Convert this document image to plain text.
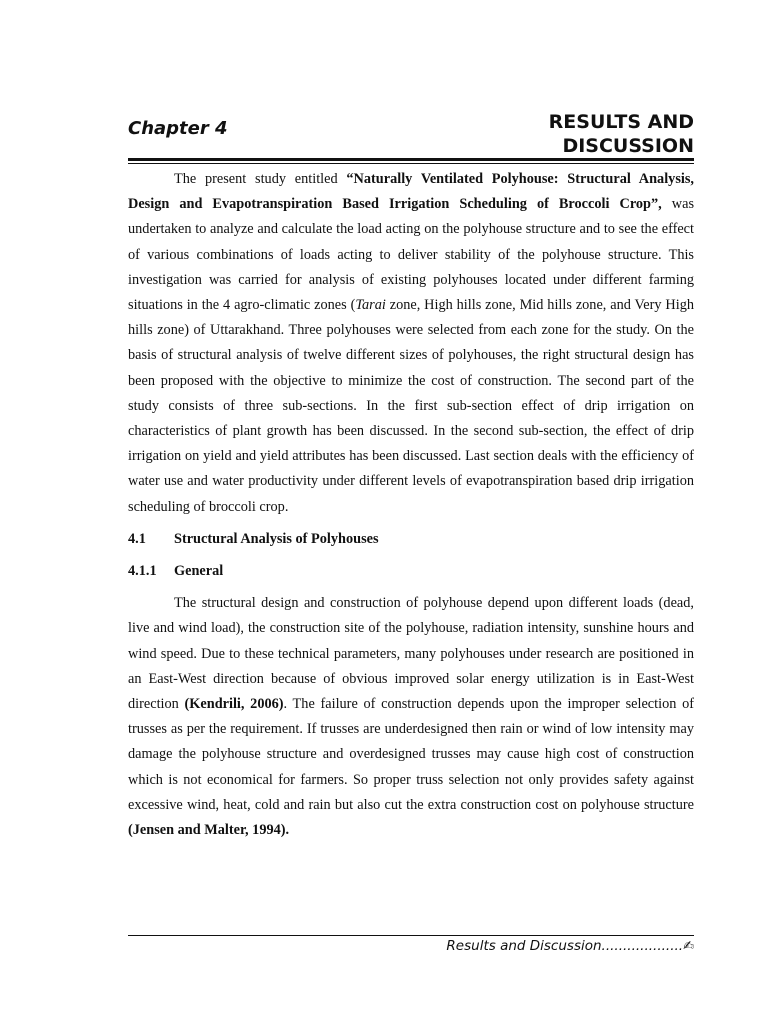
Chapter 4	RESULTS AND
DISCUSSION

The present study entitled “Naturally Ventilated Polyhouse: Structural Analysis, Design and Evapotranspiration Based Irrigation Scheduling of Broccoli Crop”, was undertaken to analyze and calculate the load acting on the polyhouse structure and to see the effect of various combinations of loads acting to deliver stability of the polyhouse structure. This investigation was carried for analysis of existing polyhouses located under different farming situations in the 4 agro-climatic zones (Tarai zone, High hills zone, Mid hills zone, and Very High hills zone) of Uttarakhand. Three polyhouses were selected from each zone for the study. On the basis of structural analysis of twelve different sizes of polyhouses, the right structural design has been proposed with the objective to minimize the cost of construction. The second part of the study consists of three sub-sections. In the first sub-section effect of drip irrigation on characteristics of plant growth has been discussed. In the second sub-section, the effect of drip irrigation on yield and yield attributes has been discussed. Last section deals with the efficiency of water use and water productivity under different levels of evapotranspiration based drip irrigation scheduling of broccoli crop.

4.1	Structural Analysis of Polyhouses
4.1.1	General

The structural design and construction of polyhouse depend upon different loads (dead, live and wind load), the construction site of the polyhouse, radiation intensity, sunshine hours and wind speed. Due to these technical parameters, many polyhouses under research are positioned in an East-West direction because of obvious improved solar energy utilization is in East-West direction (Kendrili, 2006). The failure of construction depends upon the improper selection of trusses as per the requirement. If trusses are underdesigned then rain or wind of low intensity may damage the polyhouse structure and overdesigned trusses may cause high cost of construction which is not economical for farmers. So proper truss selection not only provides safety against excessive wind, heat, cold and rain but also cut the extra construction cost on polyhouse structure (Jensen and Malter, 1994).

Results and Discussion...................✍
